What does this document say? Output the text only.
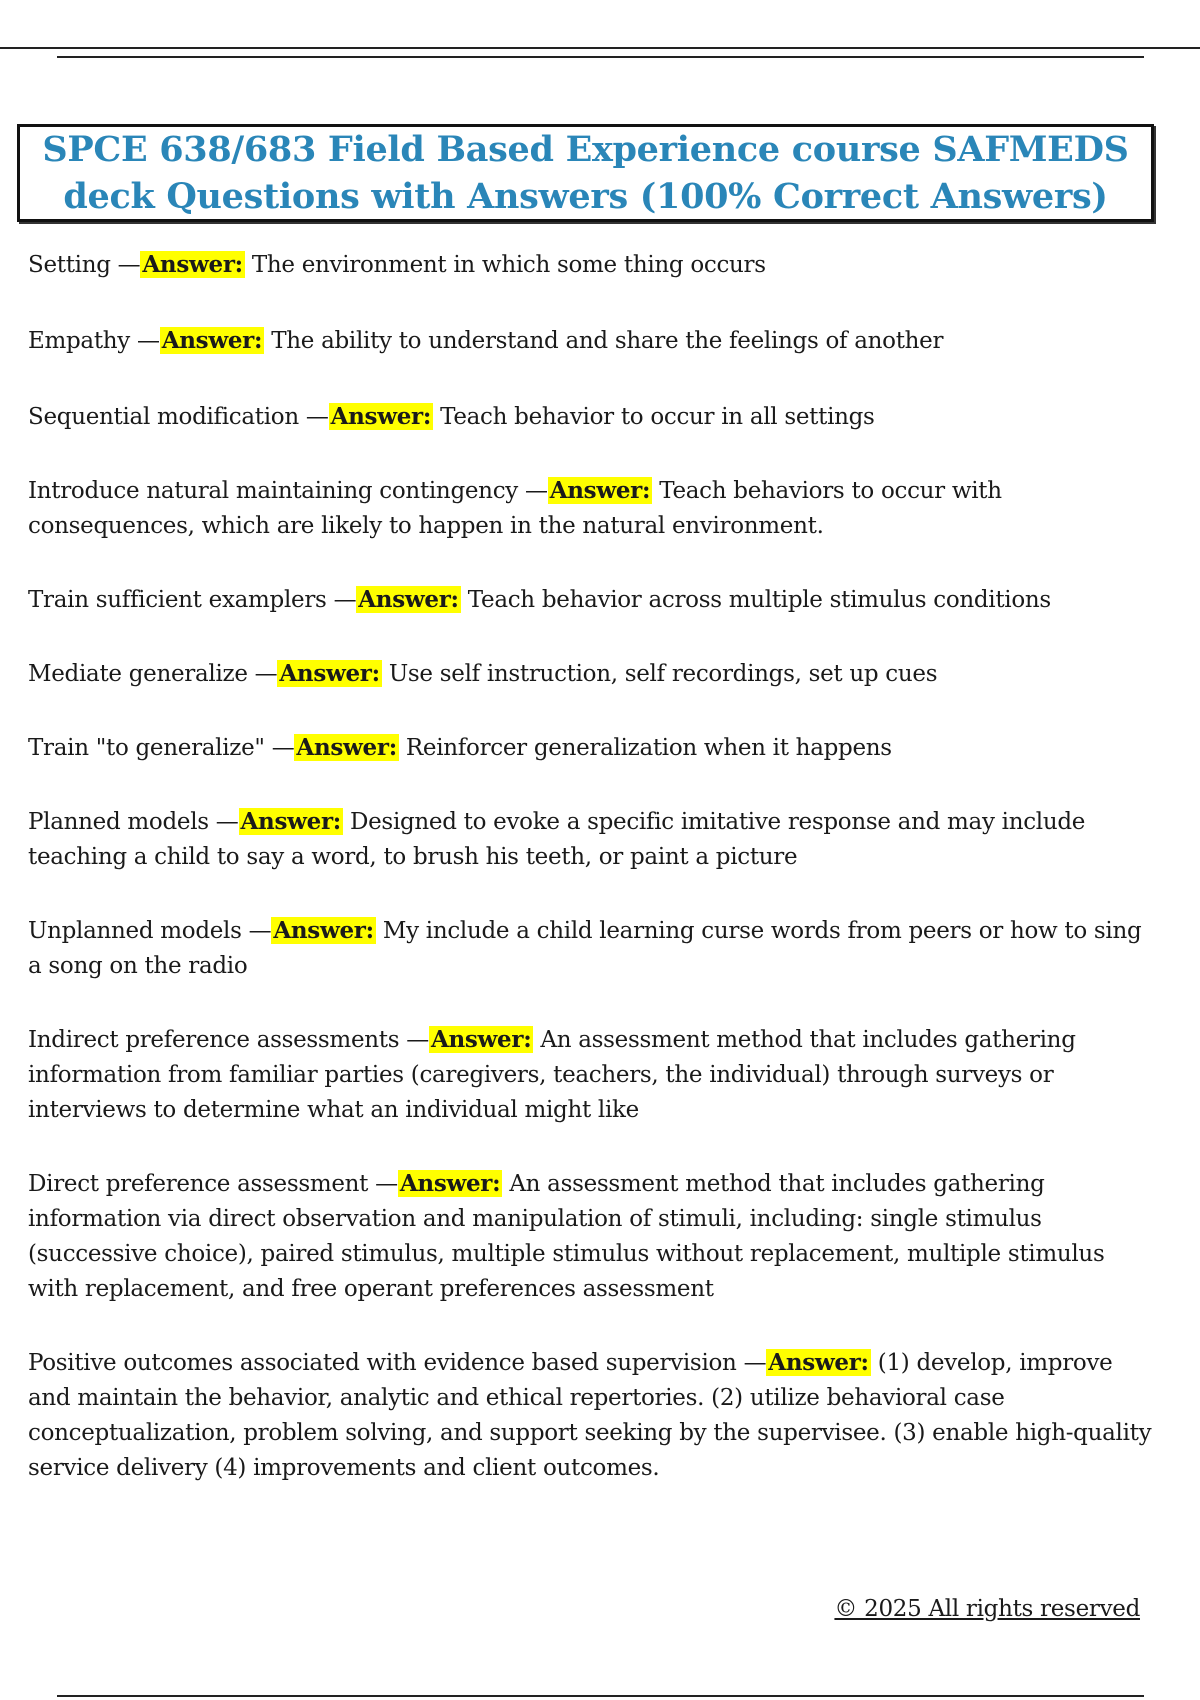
SPCE 638/683 Field Based Experience course SAFMEDS deck Questions with Answers (100% Correct Answers)

Setting —Answer: The environment in which some thing occurs

Empathy —Answer: The ability to understand and share the feelings of another

Sequential modification —Answer: Teach behavior to occur in all settings

Introduce natural maintaining contingency —Answer: Teach behaviors to occur with consequences, which are likely to happen in the natural environment.

Train sufficient examplers —Answer: Teach behavior across multiple stimulus conditions

Mediate generalize —Answer: Use self instruction, self recordings, set up cues

Train "to generalize" —Answer: Reinforcer generalization when it happens

Planned models —Answer: Designed to evoke a specific imitative response and may include teaching a child to say a word, to brush his teeth, or paint a picture

Unplanned models —Answer: My include a child learning curse words from peers or how to sing a song on the radio

Indirect preference assessments —Answer: An assessment method that includes gathering information from familiar parties (caregivers, teachers, the individual) through surveys or interviews to determine what an individual might like

Direct preference assessment —Answer: An assessment method that includes gathering information via direct observation and manipulation of stimuli, including: single stimulus (successive choice), paired stimulus, multiple stimulus without replacement, multiple stimulus with replacement, and free operant preferences assessment

Positive outcomes associated with evidence based supervision —Answer: (1) develop, improve and maintain the behavior, analytic and ethical repertories. (2) utilize behavioral case conceptualization, problem solving, and support seeking by the supervisee. (3) enable high-quality service delivery (4) improvements and client outcomes.

© 2025 All rights reserved
